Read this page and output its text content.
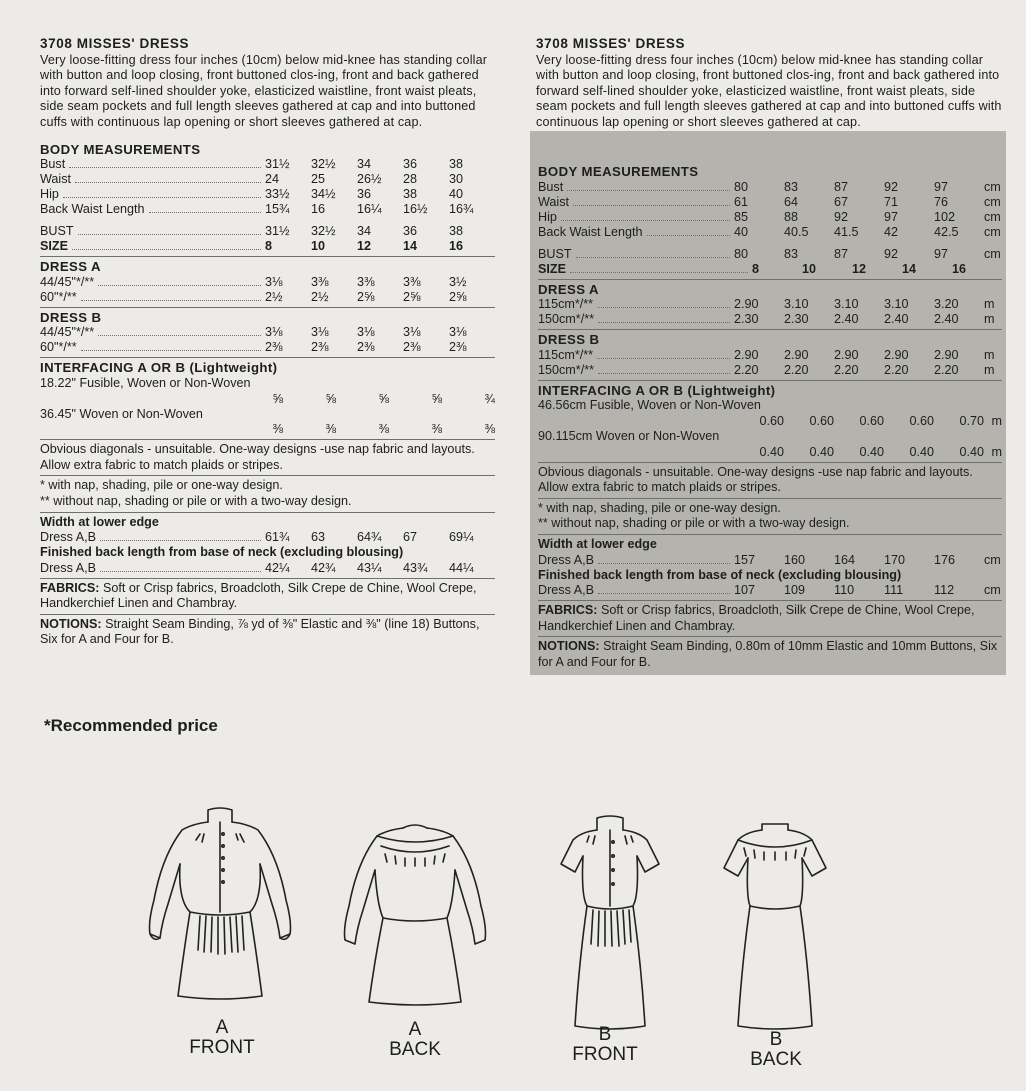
3708 MISSES' DRESS
Very loose-fitting dress four inches (10cm) below mid-knee has standing collar with button and loop closing, front buttoned clos-ing, front and back gathered into forward self-lined shoulder yoke, elasticized waistline, front waist pleats, side seam pockets and full length sleeves gathered at cap and into buttoned cuffs with continuous lap opening or short sleeves gathered at cap.
BODY MEASUREMENTS
Bust	31½	32½	34	36	38
Waist	24	25	26½	28	30
Hip	33½	34½	36	38	40
Back Waist Length	15¾	16	16¼	16½	16¾
BUST	31½	32½	34	36	38
SIZE	8	10	12	14	16
DRESS A
44/45"*/**	3⅛	3⅜	3⅜	3⅜	3½
60"*/**	2½	2½	2⅝	2⅝	2⅝
DRESS B
44/45"*/**	3⅛	3⅛	3⅛	3⅛	3⅛
60"*/**	2⅜	2⅜	2⅜	2⅜	2⅜
INTERFACING A OR B (Lightweight)
18.22" Fusible, Woven or Non-Woven
⅝	⅝	⅝	⅝	¾
36.45" Woven or Non-Woven
⅜	⅜	⅜	⅜	⅜
Obvious diagonals - unsuitable. One-way designs -use nap fabric and layouts. Allow extra fabric to match plaids or stripes.
* with nap, shading, pile or one-way design.
** without nap, shading or pile or with a two-way design.
Width at lower edge
Dress A,B	61¾	63	64¾	67	69¼
Finished back length from base of neck (excluding blousing)
Dress A,B	42¼	42¾	43¼	43¾	44¼
FABRICS: Soft or Crisp fabrics, Broadcloth, Silk Crepe de Chine, Wool Crepe, Handkerchief Linen and Chambray.
NOTIONS: Straight Seam Binding, ⅞ yd of ⅜" Elastic and ⅜" (line 18) Buttons, Six for A and Four for B.
3708 MISSES' DRESS
Very loose-fitting dress four inches (10cm) below mid-knee has standing collar with button and loop closing, front buttoned clos-ing, front and back gathered into forward self-lined shoulder yoke, elasticized waistline, front waist pleats, side seam pockets and full length sleeves gathered at cap and into buttoned cuffs with continuous lap opening or short sleeves gathered at cap.
BODY MEASUREMENTS
Bust	80	83	87	92	97	cm
Waist	61	64	67	71	76	cm
Hip	85	88	92	97	102	cm
Back Waist Length	40	40.5	41.5	42	42.5	cm
BUST	80	83	87	92	97	cm
SIZE	8	10	12	14	16
DRESS A
115cm*/**	2.90	3.10	3.10	3.10	3.20	m
150cm*/**	2.30	2.30	2.40	2.40	2.40	m
DRESS B
115cm*/**	2.90	2.90	2.90	2.90	2.90	m
150cm*/**	2.20	2.20	2.20	2.20	2.20	m
INTERFACING A OR B (Lightweight)
46.56cm Fusible, Woven or Non-Woven
0.60	0.60	0.60	0.60	0.70 m
90.115cm Woven or Non-Woven
0.40	0.40	0.40	0.40	0.40 m
Obvious diagonals - unsuitable. One-way designs -use nap fabric and layouts. Allow extra fabric to match plaids or stripes.
* with nap, shading, pile or one-way design.
** without nap, shading or pile or with a two-way design.
Width at lower edge
Dress A,B	157	160	164	170	176	cm
Finished back length from base of neck (excluding blousing)
Dress A,B	107	109	110	111	112	cm
FABRICS: Soft or Crisp fabrics, Broadcloth, Silk Crepe de Chine, Wool Crepe, Handkerchief Linen and Chambray.
NOTIONS: Straight Seam Binding, 0.80m of 10mm Elastic and 10mm Buttons, Six for A and Four for B.
*Recommended price
A
FRONT
A
BACK
B
FRONT
B
BACK
